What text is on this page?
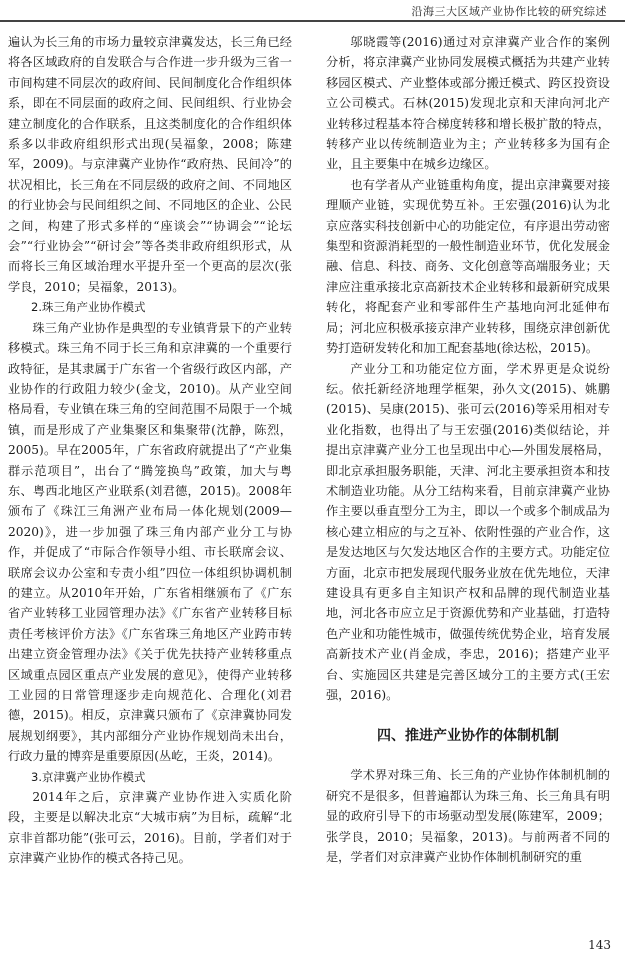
沿海三大区域产业协作比较的研究综述

遍认为长三角的市场力量较京津冀发达，长三角已经将各区域政府的自发联合与合作进一步升级为三省一市间构建不同层次的政府间、民间制度化合作组织体系，即在不同层面的政府之间、民间组织、行业协会建立制度化的合作联系，且这类制度化的合作组织体系多以非政府组织形式出现(吴福象，2008；陈建军，2009)。与京津冀产业协作“政府热、民间冷”的状况相比，长三角在不同层级的政府之间、不同地区的行业协会与民间组织之间、不同地区的企业、公民之间，构建了形式多样的“座谈会”“协调会”“论坛会”“行业协会”“研讨会”等各类非政府组织形式，从而将长三角区域治理水平提升至一个更高的层次(张学良，2010；吴福象，2013)。

2.珠三角产业协作模式

珠三角产业协作是典型的专业镇背景下的产业转移模式。珠三角不同于长三角和京津冀的一个重要行政特征，是其隶属于广东省一个省级行政区内部，产业协作的行政阻力较少(金戈，2010)。从产业空间格局看，专业镇在珠三角的空间范围不局限于一个城镇，而是形成了产业集聚区和集聚带(沈静，陈烈，2005)。早在2005年，广东省政府就提出了“产业集群示范项目”，出台了“腾笼换鸟”政策，加大与粤东、粤西北地区产业联系(刘君德，2015)。2008年颁布了《珠江三角洲产业布局一体化规划(2009—2020)》，进一步加强了珠三角内部产业分工与协作，并促成了“市际合作领导小组、市长联席会议、联席会议办公室和专责小组”四位一体组织协调机制的建立。从2010年开始，广东省相继颁布了《广东省产业转移工业园管理办法》《广东省产业转移目标责任考核评价方法》《广东省珠三角地区产业跨市转出建立资金管理办法》《关于优先扶持产业转移重点区域重点园区重点产业发展的意见》，使得产业转移工业园的日常管理逐步走向规范化、合理化(刘君德，2015)。相反，京津冀只颁布了《京津冀协同发展规划纲要》，其内部细分产业协作规划尚未出台，行政力量的博弈是重要原因(丛屹，王炎，2014)。

3.京津冀产业协作模式

2014年之后，京津冀产业协作进入实质化阶段，主要是以解决北京“大城市病”为目标，疏解“北京非首都功能”(张可云，2016)。目前，学者们对于京津冀产业协作的模式各持己见。

邬晓霞等(2016)通过对京津冀产业合作的案例分析，将京津冀产业协同发展模式概括为共建产业转移园区模式、产业整体或部分搬迁模式、跨区投资设立公司模式。石林(2015)发现北京和天津向河北产业转移过程基本符合梯度转移和增长极扩散的特点，转移产业以传统制造业为主；产业转移多为国有企业，且主要集中在城乡边缘区。

也有学者从产业链重构角度，提出京津冀要对接理顺产业链，实现优势互补。王宏强(2016)认为北京应落实科技创新中心的功能定位，有序退出劳动密集型和资源消耗型的一般性制造业环节，优化发展金融、信息、科技、商务、文化创意等高端服务业；天津应注重承接北京高新技术企业转移和最新研究成果转化，将配套产业和零部件生产基地向河北延伸布局；河北应积极承接京津产业转移，围绕京津创新优势打造研发转化和加工配套基地(徐达松，2015)。

产业分工和功能定位方面，学术界更是众说纷纭。依托新经济地理学框架，孙久文(2015)、姚鹏(2015)、吴康(2015)、张可云(2016)等采用相对专业化指数，也得出了与王宏强(2016)类似结论，并提出京津冀产业分工也呈现出中心—外围发展格局，即北京承担服务职能，天津、河北主要承担资本和技术制造业功能。从分工结构来看，目前京津冀产业协作主要以垂直型分工为主，即以一个或多个制成品为核心建立相应的与之互补、依附性强的产业合作，这是发达地区与欠发达地区合作的主要方式。功能定位方面，北京市把发展现代服务业放在优先地位，天津建设具有更多自主知识产权和品牌的现代制造业基地，河北各市应立足于资源优势和产业基础，打造特色产业和功能性城市，做强传统优势企业，培育发展高新技术产业(肖金成，李忠，2016)；搭建产业平台、实施园区共建是完善区域分工的主要方式(王宏强，2016)。

四、推进产业协作的体制机制

学术界对珠三角、长三角的产业协作体制机制的研究不是很多，但普遍都认为珠三角、长三角具有明显的政府引导下的市场驱动型发展(陈建军，2009；张学良，2010；吴福象，2013)。与前两者不同的是，学者们对京津冀产业协作体制机制研究的重

143
